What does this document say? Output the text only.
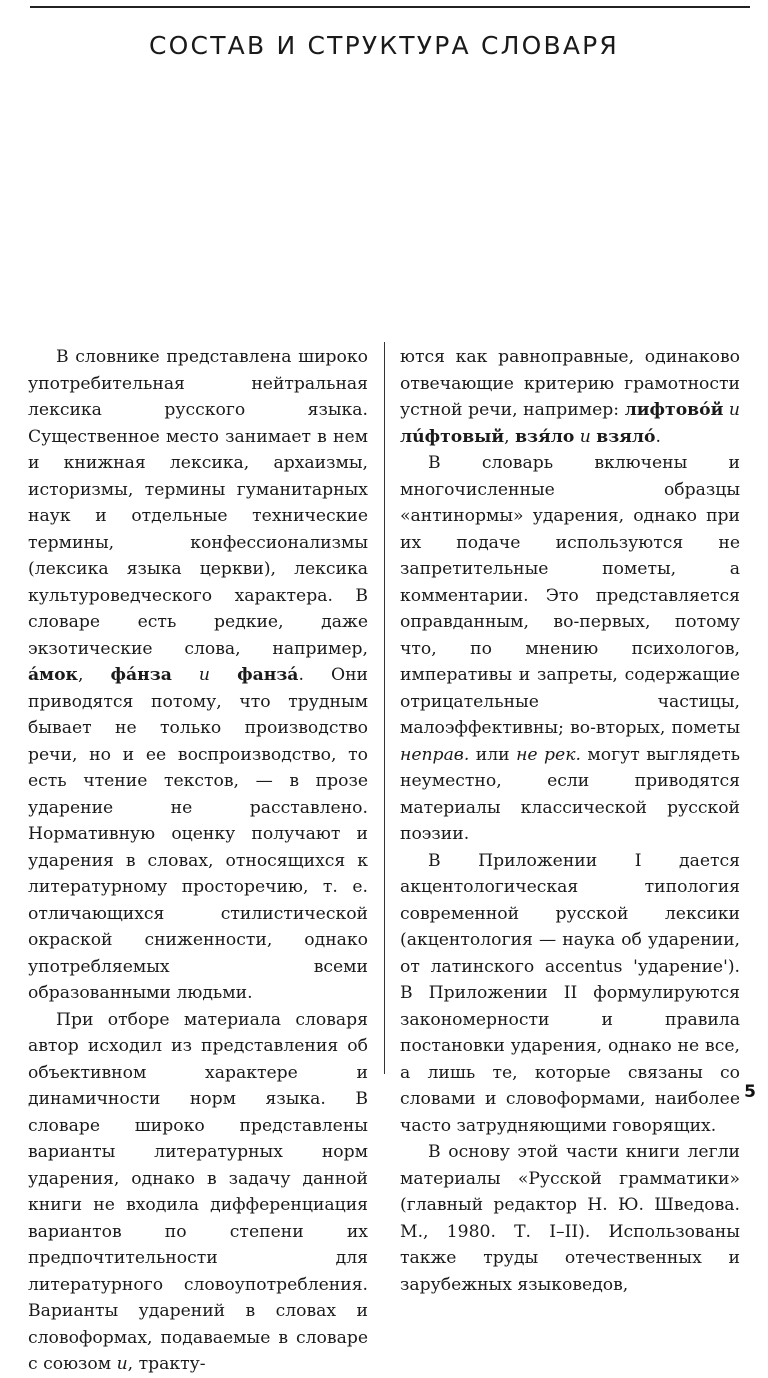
СОСТАВ И СТРУКТУРА СЛОВАРЯ

В словнике представлена широко употребительная нейтральная лексика русского языка. Существенное место занимает в нем и книжная лексика, архаизмы, историзмы, термины гуманитарных наук и отдельные технические термины, конфессионализмы (лексика языка церкви), лексика культуроведческого характера. В словаре есть редкие, даже экзотические слова, например, áмок, фáнза и фанзá. Они приводятся потому, что трудным бывает не только производство речи, но и ее воспроизводство, то есть чтение текстов, — в прозе ударение не расставлено. Нормативную оценку получают и ударения в словах, относящихся к литературному просторечию, т. е. отличающихся стилистической окраской сниженности, однако употребляемых всеми образованными людьми.

При отборе материала словаря автор исходил из представления об объективном характере и динамичности норм языка. В словаре широко представлены варианты литературных норм ударения, однако в задачу данной книги не входила дифференциация вариантов по степени их предпочтительности для литературного словоупотребления. Варианты ударений в словах и словоформах, подаваемые в словаре с союзом и, тракту-

ются как равноправные, одинаково отвечающие критерию грамотности устной речи, например: лифтовóй и лúфтовый, взя́ло и взялó.

В словарь включены и многочисленные образцы «антинормы» ударения, однако при их подаче используются не запретительные пометы, а комментарии. Это представляется оправданным, во-первых, потому что, по мнению психологов, императивы и запреты, содержащие отрицательные частицы, малоэффективны; во-вторых, пометы неправ. или не рек. могут выглядеть неуместно, если приводятся материалы классической русской поэзии.

В Приложении I дается акцентологическая типология современной русской лексики (акцентология — наука об ударении, от латинского accentus 'ударение'). В Приложении II формулируются закономерности и правила постановки ударения, однако не все, а лишь те, которые связаны со словами и словоформами, наиболее часто затрудняющими говорящих.

В основу этой части книги легли материалы «Русской грамматики» (главный редактор Н. Ю. Шведова. М., 1980. Т. I–II). Использованы также труды отечественных и зарубежных языковедов,

5
